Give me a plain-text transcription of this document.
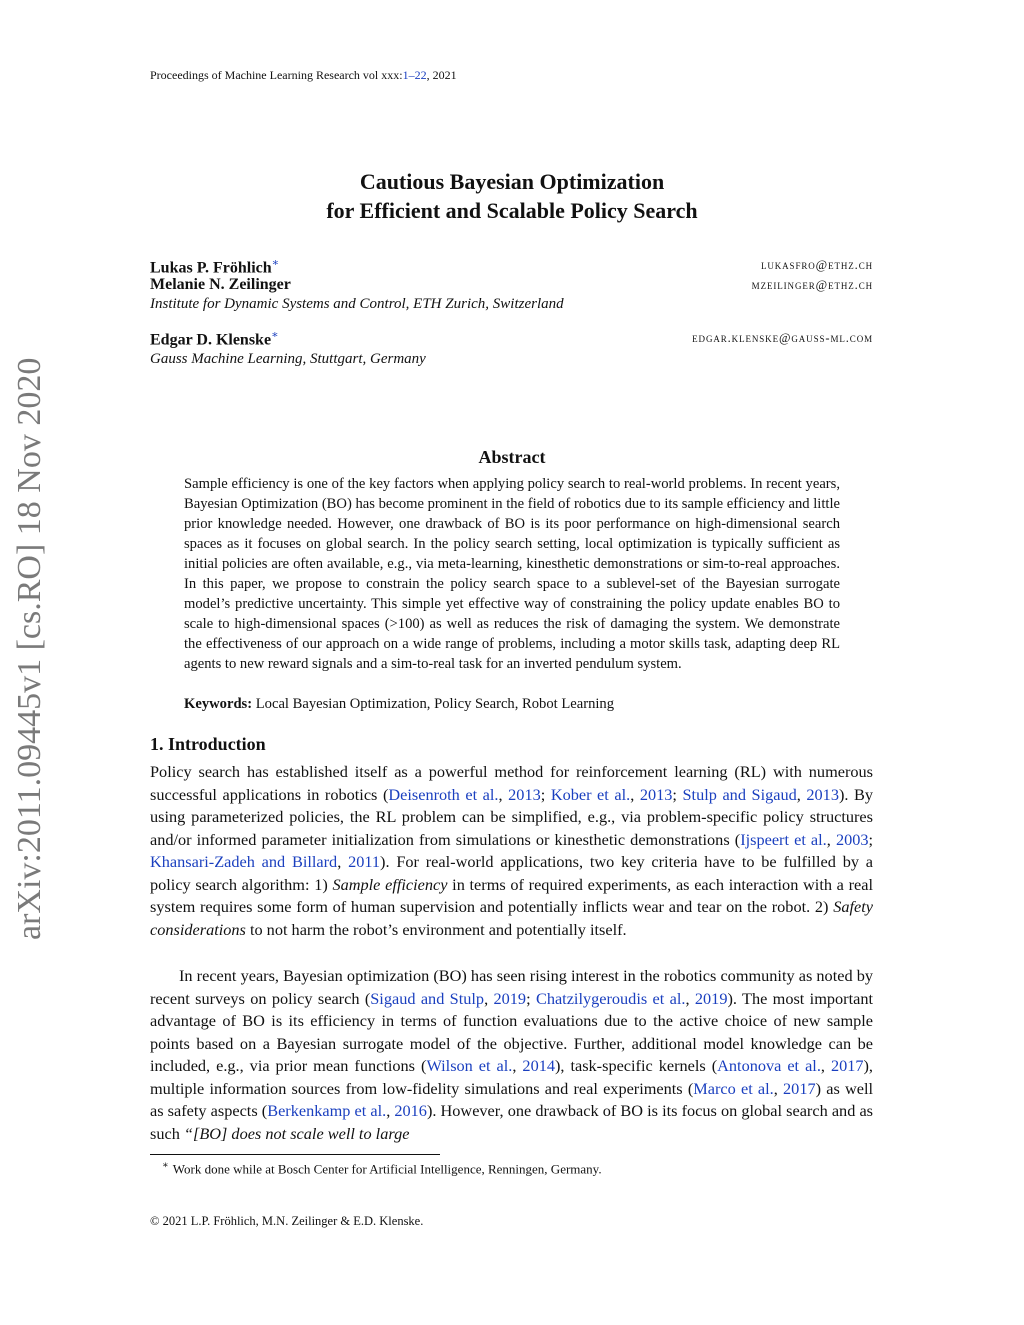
Proceedings of Machine Learning Research vol xxx:1–22, 2021
Cautious Bayesian Optimization
for Efficient and Scalable Policy Search
Lukas P. Fröhlich∗	lukasfro@ethz.ch
Melanie N. Zeilinger	mzeilinger@ethz.ch
Institute for Dynamic Systems and Control, ETH Zurich, Switzerland
Edgar D. Klenske∗	edgar.klenske@gauss-ml.com
Gauss Machine Learning, Stuttgart, Germany
arXiv:2011.09445v1 [cs.RO] 18 Nov 2020	Abstract
Sample efficiency is one of the key factors when applying policy search to real-world problems. In recent years, Bayesian Optimization (BO) has become prominent in the field of robotics due to its sample efficiency and little prior knowledge needed. However, one drawback of BO is its poor performance on high-dimensional search spaces as it focuses on global search. In the policy search setting, local optimization is typically sufficient as initial policies are often available, e.g., via meta-learning, kinesthetic demonstrations or sim-to-real approaches. In this paper, we propose to constrain the policy search space to a sublevel-set of the Bayesian surrogate model’s predictive uncertainty. This simple yet effective way of constraining the policy update enables BO to scale to high-dimensional spaces (>100) as well as reduces the risk of damaging the system. We demonstrate the effectiveness of our approach on a wide range of problems, including a motor skills task, adapting deep RL agents to new reward signals and a sim-to-real task for an inverted pendulum system.
Keywords: Local Bayesian Optimization, Policy Search, Robot Learning
1. Introduction
Policy search has established itself as a powerful method for reinforcement learning (RL) with numerous successful applications in robotics (Deisenroth et al., 2013; Kober et al., 2013; Stulp and Sigaud, 2013). By using parameterized policies, the RL problem can be simplified, e.g., via problem-specific policy structures and/or informed parameter initialization from simulations or kinesthetic demonstrations (Ijspeert et al., 2003; Khansari-Zadeh and Billard, 2011). For real-world applications, two key criteria have to be fulfilled by a policy search algorithm: 1) Sample efficiency in terms of required experiments, as each interaction with a real system requires some form of human supervision and potentially inflicts wear and tear on the robot. 2) Safety considerations to not harm the robot’s environment and potentially itself.
In recent years, Bayesian optimization (BO) has seen rising interest in the robotics community as noted by recent surveys on policy search (Sigaud and Stulp, 2019; Chatzilygeroudis et al., 2019). The most important advantage of BO is its efficiency in terms of function evaluations due to the active choice of new sample points based on a Bayesian surrogate model of the objective. Further, additional model knowledge can be included, e.g., via prior mean functions (Wilson et al., 2014), task-specific kernels (Antonova et al., 2017), multiple information sources from low-fidelity simulations and real experiments (Marco et al., 2017) as well as safety aspects (Berkenkamp et al., 2016). However, one drawback of BO is its focus on global search and as such “[BO] does not scale well to large
∗ Work done while at Bosch Center for Artificial Intelligence, Renningen, Germany.
© 2021 L.P. Fröhlich, M.N. Zeilinger & E.D. Klenske.
